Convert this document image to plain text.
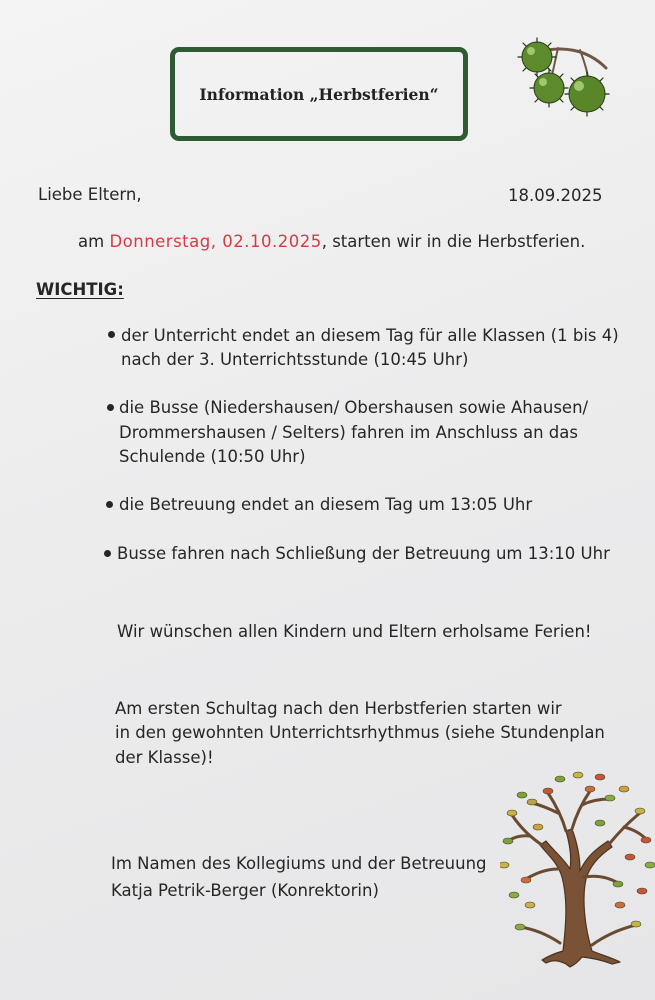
Information „Herbstferien“
Liebe Eltern,	18.09.2025
am Donnerstag, 02.10.2025, starten wir in die Herbstferien.
WICHTIG:
der Unterricht endet an diesem Tag für alle Klassen (1 bis 4)
nach der 3. Unterrichtsstunde (10:45 Uhr)
die Busse (Niedershausen/ Obershausen sowie Ahausen/
Drommershausen / Selters) fahren im Anschluss an das
Schulende (10:50 Uhr)
die Betreuung endet an diesem Tag um 13:05 Uhr
Busse fahren nach Schließung der Betreuung um 13:10 Uhr
Wir wünschen allen Kindern und Eltern erholsame Ferien!
Am ersten Schultag nach den Herbstferien starten wir
in den gewohnten Unterrichtsrhythmus (siehe Stundenplan
der Klasse)!
Im Namen des Kollegiums und der Betreuung
Katja Petrik-Berger (Konrektorin)
